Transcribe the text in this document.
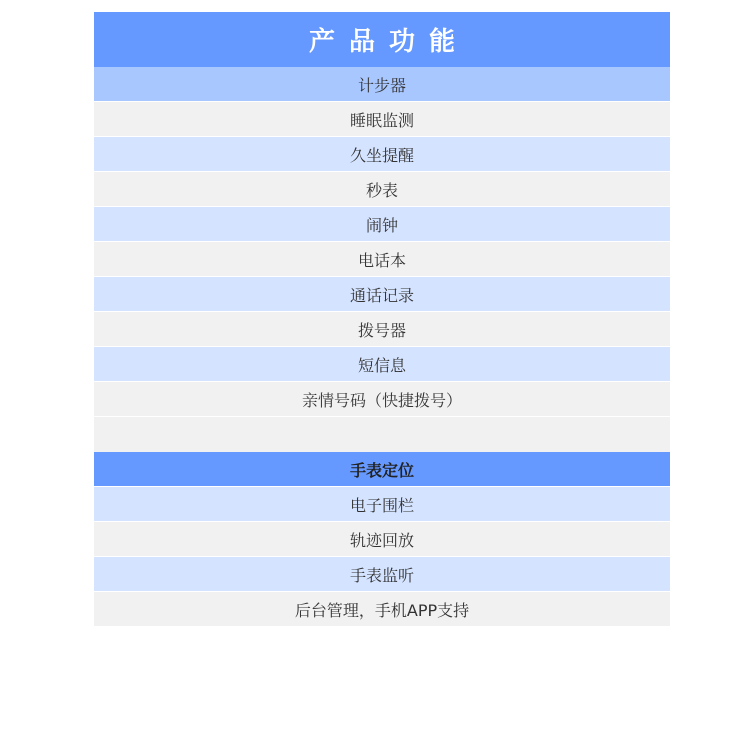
产品功能
计步器
睡眠监测
久坐提醒
秒表
闹钟
电话本
通话记录
拨号器
短信息
亲情号码（快捷拨号）
手表定位
电子围栏
轨迹回放
手表监听
后台管理，手机APP支持
